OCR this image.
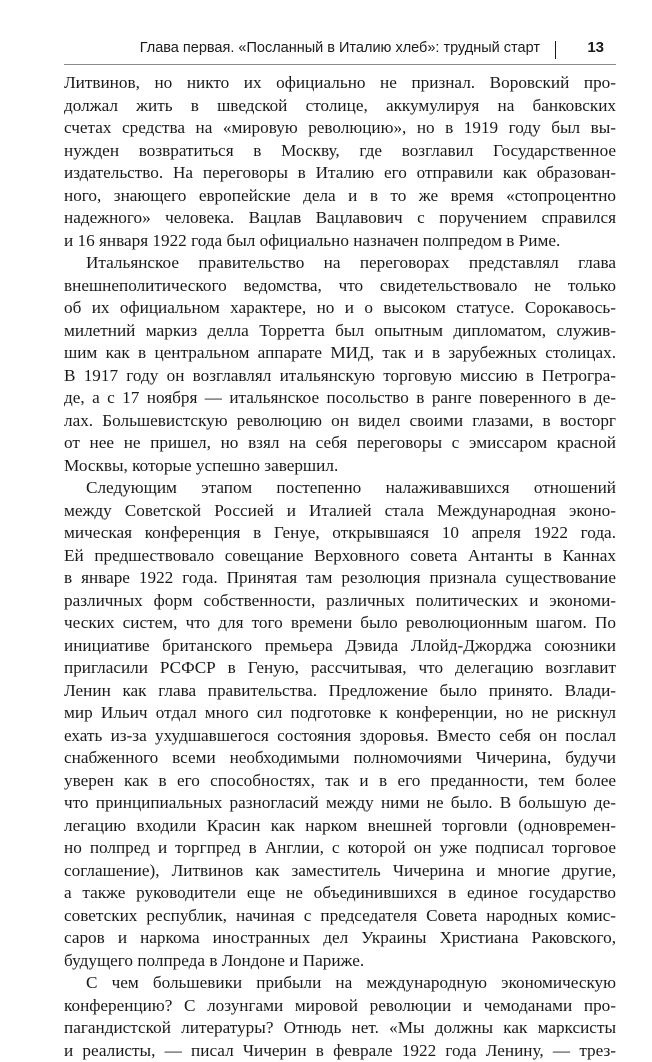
Глава первая. «Посланный в Италию хлеб»: трудный старт	13
Литвинов, но никто их официально не признал. Воровский про-
должал жить в шведской столице, аккумулируя на банковских
счетах средства на «мировую революцию», но в 1919 году был вы-
нужден возвратиться в Москву, где возглавил Государственное
издательство. На переговоры в Италию его отправили как образован-
ного, знающего европейские дела и в то же время «стопроцентно
надежного» человека. Вацлав Вацлавович с поручением справился
и 16 января 1922 года был официально назначен полпредом в Риме.
Итальянское правительство на переговорах представлял глава
внешнеполитического ведомства, что свидетельствовало не только
об их официальном характере, но и о высоком статусе. Сорокавось-
милетний маркиз делла Торретта был опытным дипломатом, служив-
шим как в центральном аппарате МИД, так и в зарубежных столицах.
В 1917 году он возглавлял итальянскую торговую миссию в Петрогра-
де, а с 17 ноября — итальянское посольство в ранге поверенного в де-
лах. Большевистскую революцию он видел своими глазами, в восторг
от нее не пришел, но взял на себя переговоры с эмиссаром красной
Москвы, которые успешно завершил.
Следующим этапом постепенно налаживавшихся отношений
между Советской Россией и Италией стала Международная эконо-
мическая конференция в Генуе, открывшаяся 10 апреля 1922 года.
Ей предшествовало совещание Верховного совета Антанты в Каннах
в январе 1922 года. Принятая там резолюция признала существование
различных форм собственности, различных политических и экономи-
ческих систем, что для того времени было революционным шагом. По
инициативе британского премьера Дэвида Ллойд-Джорджа союзники
пригласили РСФСР в Геную, рассчитывая, что делегацию возглавит
Ленин как глава правительства. Предложение было принято. Влади-
мир Ильич отдал много сил подготовке к конференции, но не рискнул
ехать из-за ухудшавшегося состояния здоровья. Вместо себя он послал
снабженного всеми необходимыми полномочиями Чичерина, будучи
уверен как в его способностях, так и в его преданности, тем более
что принципиальных разногласий между ними не было. В большую де-
легацию входили Красин как нарком внешней торговли (одновремен-
но полпред и торгпред в Англии, с которой он уже подписал торговое
соглашение), Литвинов как заместитель Чичерина и многие другие,
а также руководители еще не объединившихся в единое государство
советских республик, начиная с председателя Совета народных комис-
саров и наркома иностранных дел Украины Христиана Раковского,
будущего полпреда в Лондоне и Париже.
С чем большевики прибыли на международную экономическую
конференцию? С лозунгами мировой революции и чемоданами про-
пагандистской литературы? Отнюдь нет. «Мы должны как марксисты
и реалисты, — писал Чичерин в феврале 1922 года Ленину, — трез-
